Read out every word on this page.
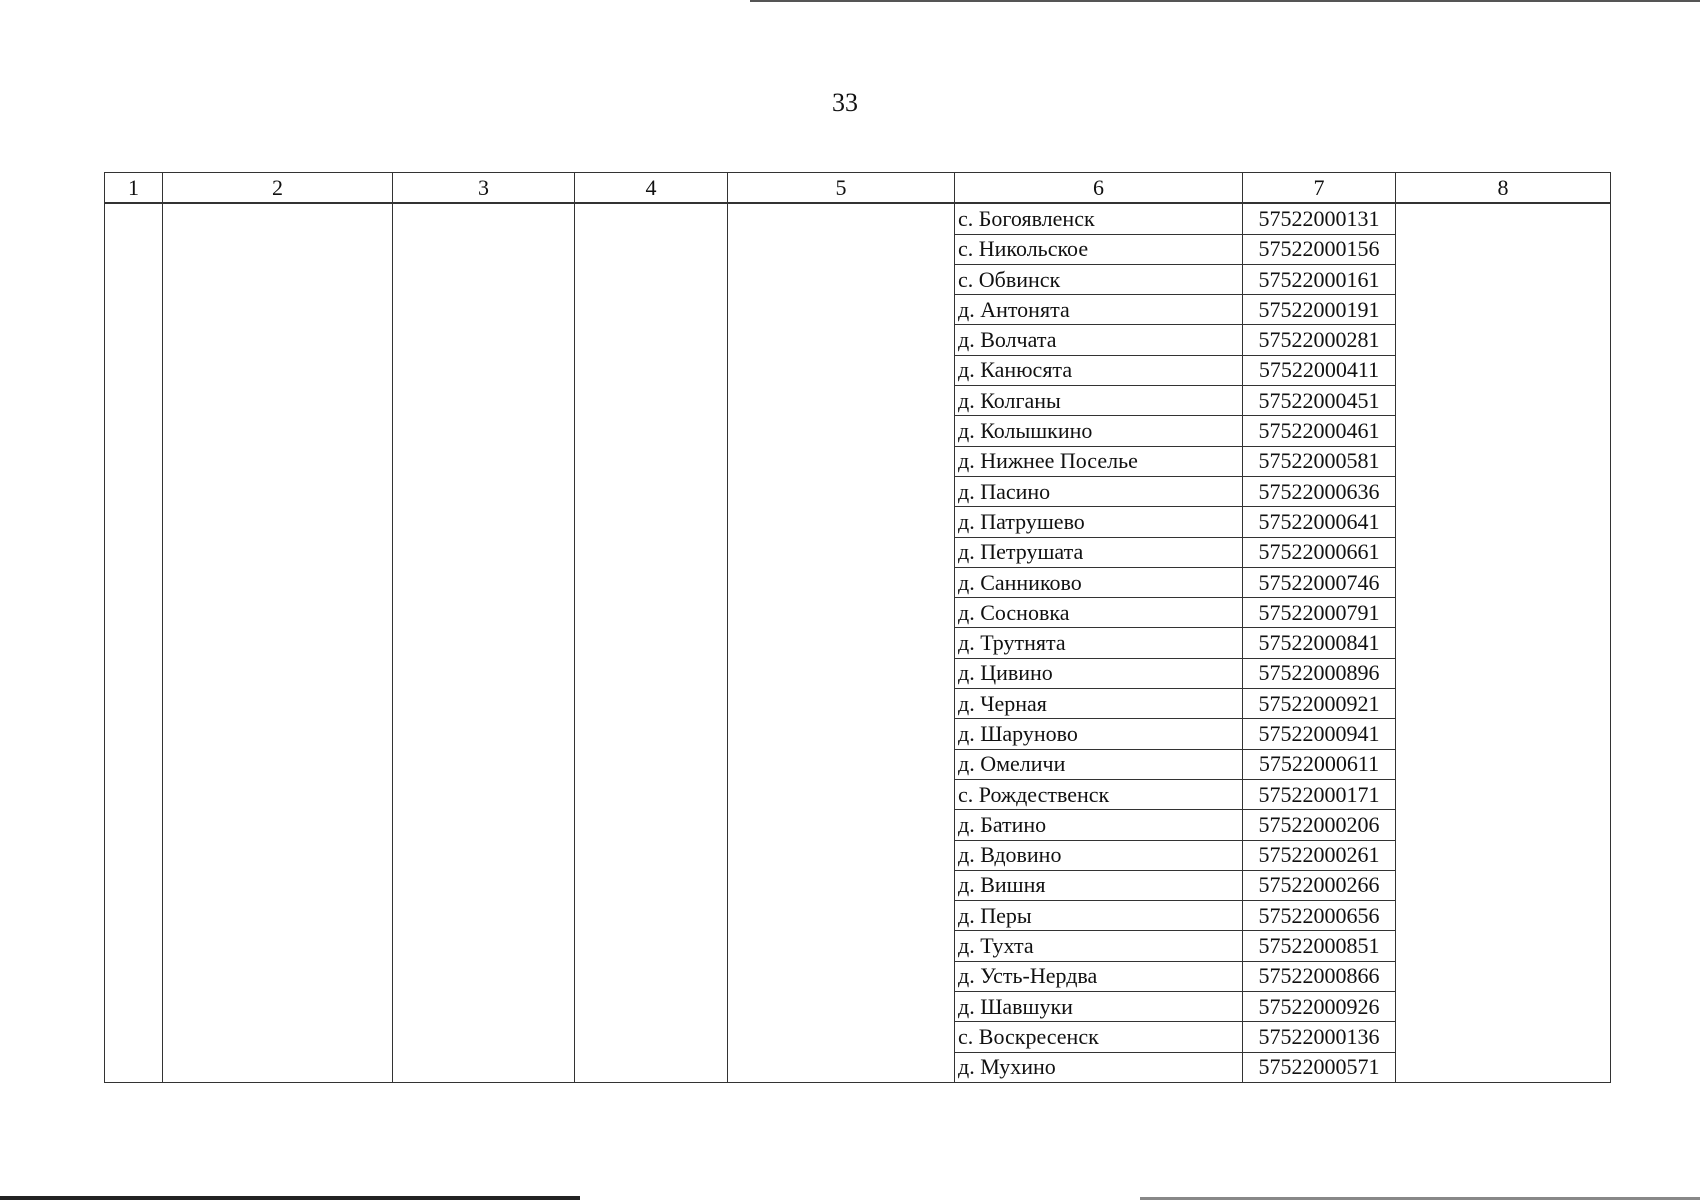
33
1	2	3	4	5	6	7	8
					с. Богоявленск	57522000131	
					с. Никольское	57522000156	
					с. Обвинск	57522000161	
					д. Антонята	57522000191	
					д. Волчата	57522000281	
					д. Канюсята	57522000411	
					д. Колганы	57522000451	
					д. Колышкино	57522000461	
					д. Нижнее Поселье	57522000581	
					д. Пасино	57522000636	
					д. Патрушево	57522000641	
					д. Петрушата	57522000661	
					д. Санниково	57522000746	
					д. Сосновка	57522000791	
					д. Трутнята	57522000841	
					д. Цивино	57522000896	
					д. Черная	57522000921	
					д. Шаруново	57522000941	
					д. Омеличи	57522000611	
					с. Рождественск	57522000171	
					д. Батино	57522000206	
					д. Вдовино	57522000261	
					д. Вишня	57522000266	
					д. Перы	57522000656	
					д. Тухта	57522000851	
					д. Усть-Нердва	57522000866	
					д. Шавшуки	57522000926	
					с. Воскресенск	57522000136	
					д. Мухино	57522000571	
